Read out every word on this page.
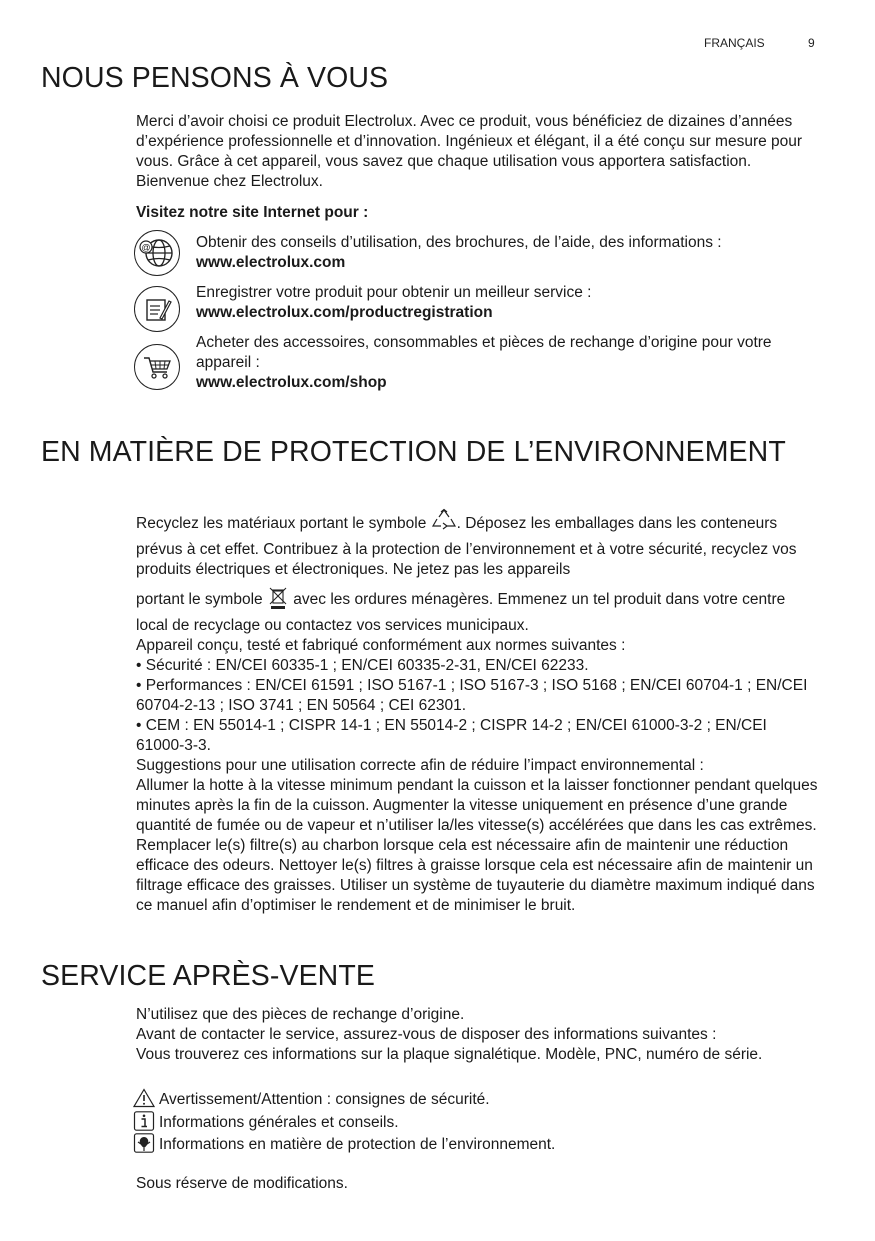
FRANÇAIS	9
NOUS PENSONS À VOUS

Merci d’avoir choisi ce produit Electrolux. Avec ce produit, vous bénéficiez de dizaines d’années d’expérience professionnelle et d’innovation. Ingénieux et élégant, il a été conçu sur mesure pour vous. Grâce à cet appareil, vous savez que chaque utilisation vous apportera satisfaction. Bienvenue chez Electrolux.

Visitez notre site Internet pour :
@	Obtenir des conseils d’utilisation, des brochures, de l’aide, des informations :
www.electrolux.com
Enregistrer votre produit pour obtenir un meilleur service :
www.electrolux.com/productregistration
Acheter des accessoires, consommables et pièces de rechange d’origine pour votre appareil :
www.electrolux.com/shop
EN MATIÈRE DE PROTECTION DE L’ENVIRONNEMENT

Recyclez les matériaux portant le symbole . Déposez les emballages dans les conteneurs prévus à cet effet. Contribuez à la protection de l’environnement et à votre sécurité, recyclez vos produits électriques et électroniques. Ne jetez pas les appareils

portant le symbole  avec les ordures ménagères. Emmenez un tel produit dans votre centre local de recyclage ou contactez vos services municipaux.

Appareil conçu, testé et fabriqué conformément aux normes suivantes :

• Sécurité : EN/CEI 60335-1 ; EN/CEI 60335-2-31, EN/CEI 62233.

• Performances : EN/CEI 61591 ; ISO 5167-1 ; ISO 5167-3 ; ISO 5168 ; EN/CEI 60704-1 ; EN/CEI 60704-2-13 ; ISO 3741 ; EN 50564 ; CEI 62301.

• CEM : EN 55014-1 ; CISPR 14-1 ; EN 55014-2 ; CISPR 14-2 ; EN/CEI 61000-3-2 ; EN/CEI 61000-3-3.

Suggestions pour une utilisation correcte afin de réduire l’impact environnemental :

Allumer la hotte à la vitesse minimum pendant la cuisson et la laisser fonctionner pendant quelques minutes après la fin de la cuisson. Augmenter la vitesse uniquement en présence d’une grande quantité de fumée ou de vapeur et n’utiliser la/les vitesse(s) accélérées que dans les cas extrêmes. Remplacer le(s) filtre(s) au charbon lorsque cela est nécessaire afin de maintenir une réduction efficace des odeurs. Nettoyer le(s) filtres à graisse lorsque cela est nécessaire afin de maintenir un filtrage efficace des graisses. Utiliser un système de tuyauterie du diamètre maximum indiqué dans ce manuel afin d’optimiser le rendement et de minimiser le bruit.

SERVICE APRÈS-VENTE

N’utilisez que des pièces de rechange d’origine.

Avant de contacter le service, assurez-vous de disposer des informations suivantes :

Vous trouverez ces informations sur la plaque signalétique. Modèle, PNC, numéro de série.

Avertissement/Attention : consignes de sécurité.
Informations générales et conseils.
Informations en matière de protection de l’environnement.
Sous réserve de modifications.
